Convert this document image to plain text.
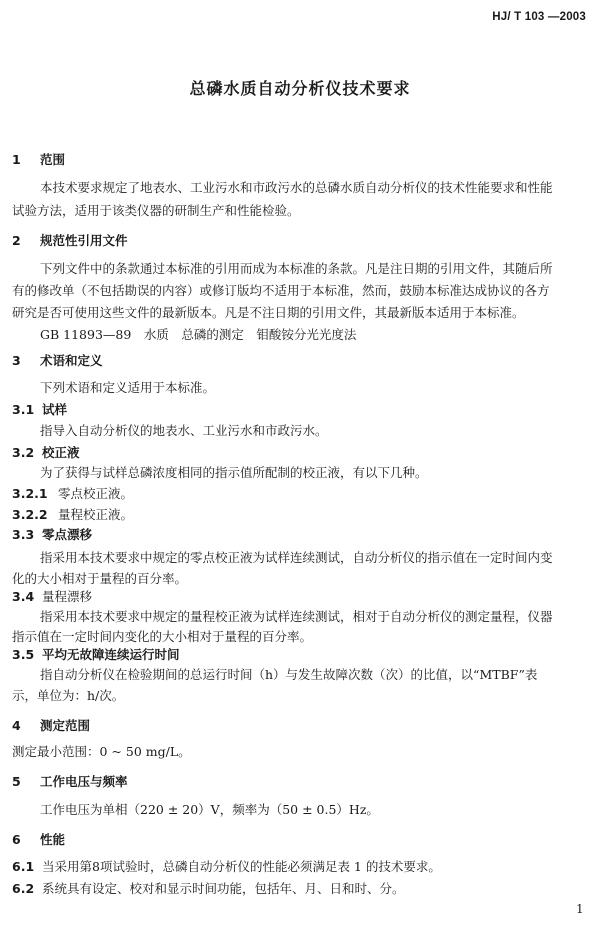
HJ/ T 103 —2003
总磷水质自动分析仪技术要求
1 范围
本技术要求规定了地表水、工业污水和市政污水的总磷水质自动分析仪的技术性能要求和性能
试验方法，适用于该类仪器的研制生产和性能检验。
2 规范性引用文件
下列文件中的条款通过本标准的引用而成为本标准的条款。凡是注日期的引用文件，其随后所
有的修改单（不包括勘误的内容）或修订版均不适用于本标准，然而，鼓励本标准达成协议的各方
研究是否可使用这些文件的最新版本。凡是不注日期的引用文件，其最新版本适用于本标准。
GB 11893—89　水质　总磷的测定　钼酸铵分光光度法
3 术语和定义
下列术语和定义适用于本标准。
3.1 试样
指导入自动分析仪的地表水、工业污水和市政污水。
3.2 校正液
为了获得与试样总磷浓度相同的指示值所配制的校正液，有以下几种。
3.2.1 零点校正液。
3.2.2 量程校正液。
3.3 零点漂移
指采用本技术要求中规定的零点校正液为试样连续测试，自动分析仪的指示值在一定时间内变
化的大小相对于量程的百分率。
3.4 量程漂移
指采用本技术要求中规定的量程校正液为试样连续测试，相对于自动分析仪的测定量程，仪器
指示值在一定时间内变化的大小相对于量程的百分率。
3.5 平均无故障连续运行时间
指自动分析仪在检验期间的总运行时间（h）与发生故障次数（次）的比值，以“MTBF”表
示，单位为：h/次。
4 测定范围
测定最小范围：0 ~ 50 mg/L。
5 工作电压与频率
工作电压为单相（220 ± 20）V，频率为（50 ± 0.5）Hz。
6 性能
6.1 当采用第8项试验时，总磷自动分析仪的性能必须满足表 1 的技术要求。
6.2 系统具有设定、校对和显示时间功能，包括年、月、日和时、分。
1
